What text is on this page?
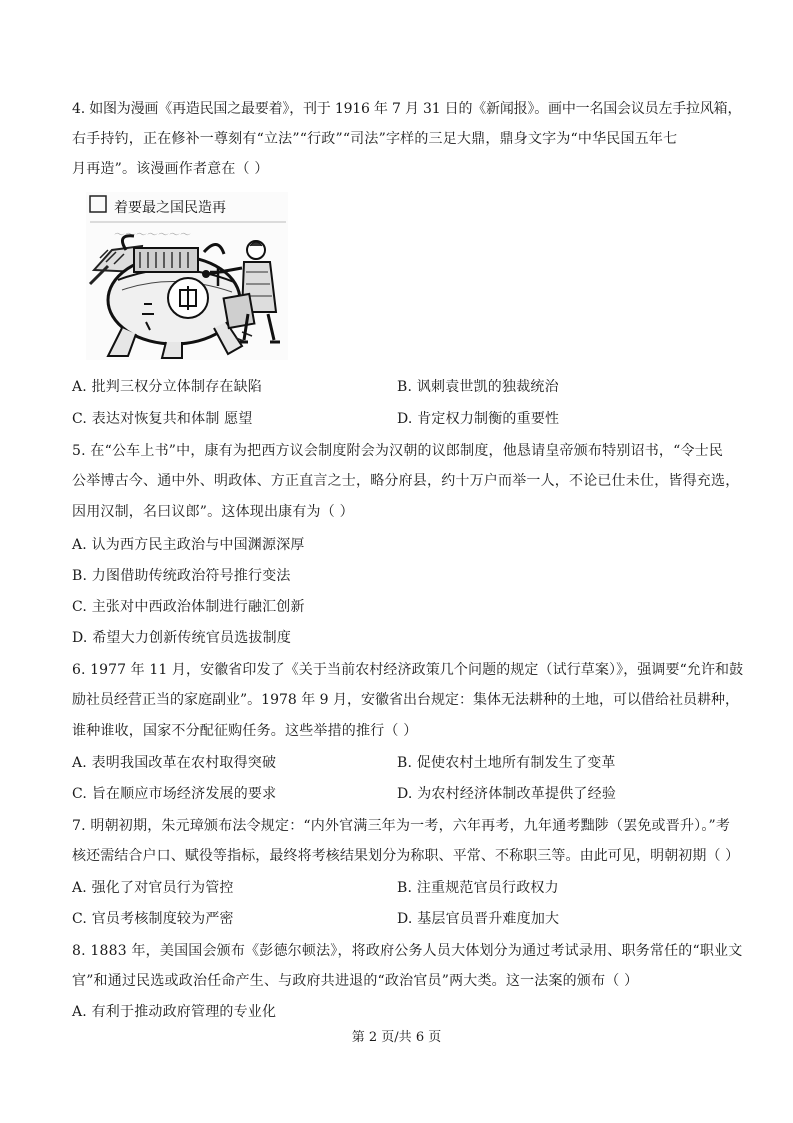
4. 如图为漫画《再造民国之最要着》，刊于 1916 年 7 月 31 日的《新闻报》。画中一名国会议员左手拉风箱，
右手持钓，正在修补一尊刻有“立法”“行政”“司法”字样的三足大鼎，鼎身文字为“中华民国五年七
月再造”。该漫画作者意在（ ）
着要最之国民造再
～～～～～～～
A. 批判三权分立体制存在缺陷	B. 讽刺袁世凯的独裁统治
C. 表达对恢复共和体制 愿望	D. 肯定权力制衡的重要性
5. 在“公车上书”中，康有为把西方议会制度附会为汉朝的议郎制度，他恳请皇帝颁布特别诏书，“令士民
公举博古今、通中外、明政体、方正直言之士，略分府县，约十万户而举一人，不论已仕未仕，皆得充选，
因用汉制，名曰议郎”。这体现出康有为（ ）
A. 认为西方民主政治与中国渊源深厚
B. 力图借助传统政治符号推行变法
C. 主张对中西政治体制进行融汇创新
D. 希望大力创新传统官员选拔制度
6. 1977 年 11 月，安徽省印发了《关于当前农村经济政策几个问题的规定（试行草案）》，强调要“允许和鼓
励社员经营正当的家庭副业”。1978 年 9 月，安徽省出台规定：集体无法耕种的土地，可以借给社员耕种，
谁种谁收，国家不分配征购任务。这些举措的推行（ ）
A. 表明我国改革在农村取得突破	B. 促使农村土地所有制发生了变革
C. 旨在顺应市场经济发展的要求	D. 为农村经济体制改革提供了经验
7. 明朝初期，朱元璋颁布法令规定：“内外官满三年为一考，六年再考，九年通考黜陟（罢免或晋升）。”考
核还需结合户口、赋役等指标，最终将考核结果划分为称职、平常、不称职三等。由此可见，明朝初期（ ）
A. 强化了对官员行为管控	B. 注重规范官员行政权力
C. 官员考核制度较为严密	D. 基层官员晋升难度加大
8. 1883 年，美国国会颁布《彭德尔顿法》，将政府公务人员大体划分为通过考试录用、职务常任的“职业文
官”和通过民选或政治任命产生、与政府共进退的“政治官员”两大类。这一法案的颁布（ ）
A. 有利于推动政府管理的专业化
第 2 页/共 6 页
